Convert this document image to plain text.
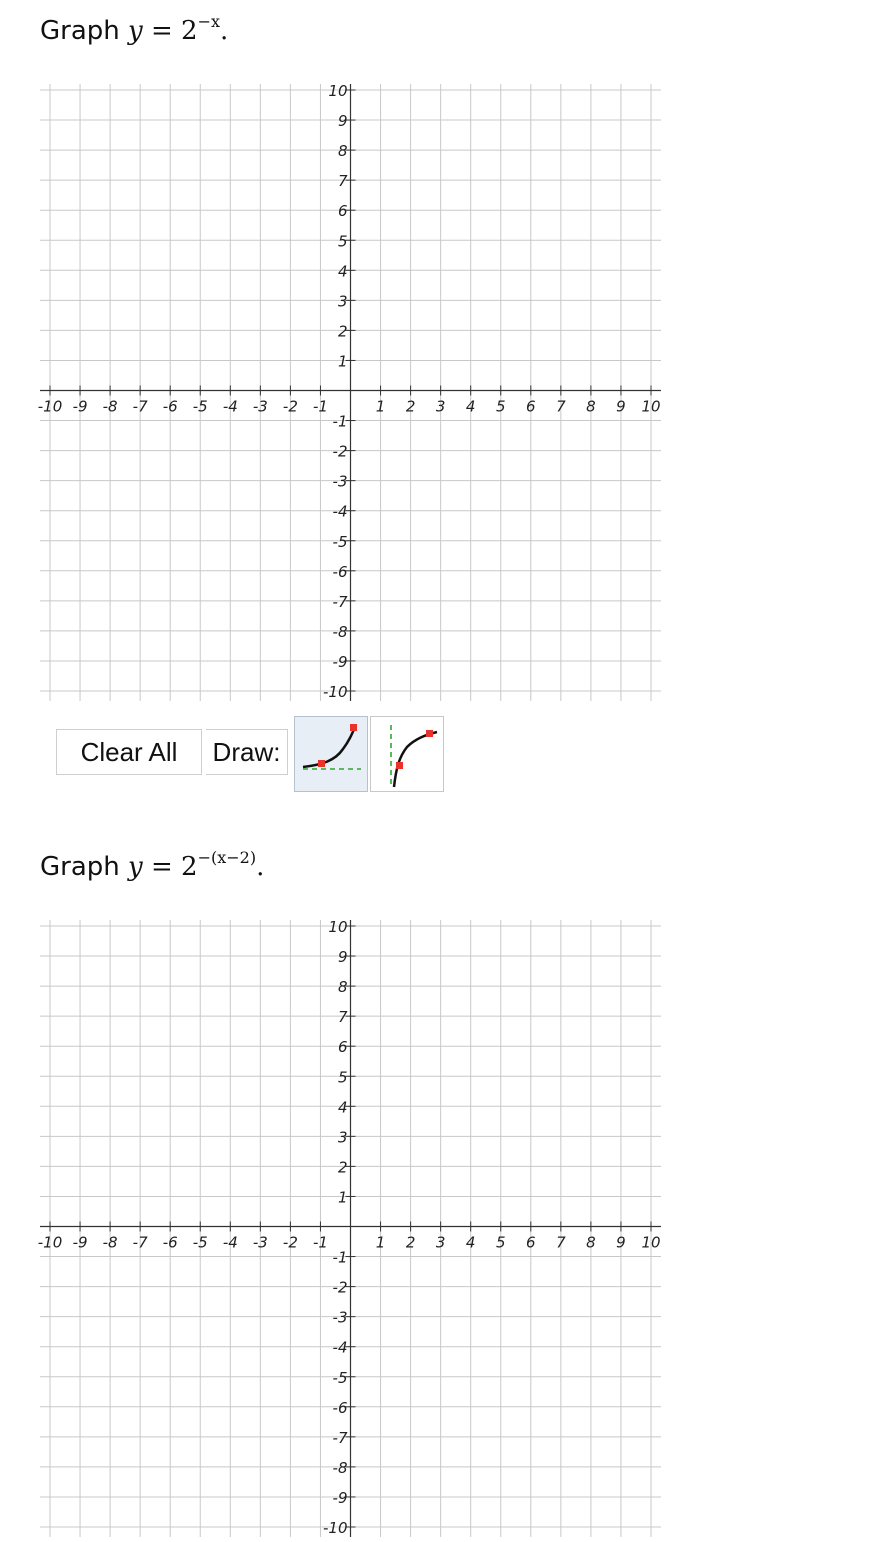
Graph $y = 2^{-x}$.
-10 -9 -8 -7 -6 -5 -4 -3 -2 -1	1 2 3 4 5 6 7 8 9 10
10
9
8
7
6
5
4
3
2
1
-1
-2
-3
-4
-5
-6
-7
-8
-9
-10
Clear All	Draw:
Graph $y = 2^{-(x-2)}$.
-10 -9 -8 -7 -6 -5 -4 -3 -2 -1	1 2 3 4 5 6 7 8 9 10
10
9
8
7
6
5
4
3
2
1
-1
-2
-3
-4
-5
-6
-7
-8
-9
-10
